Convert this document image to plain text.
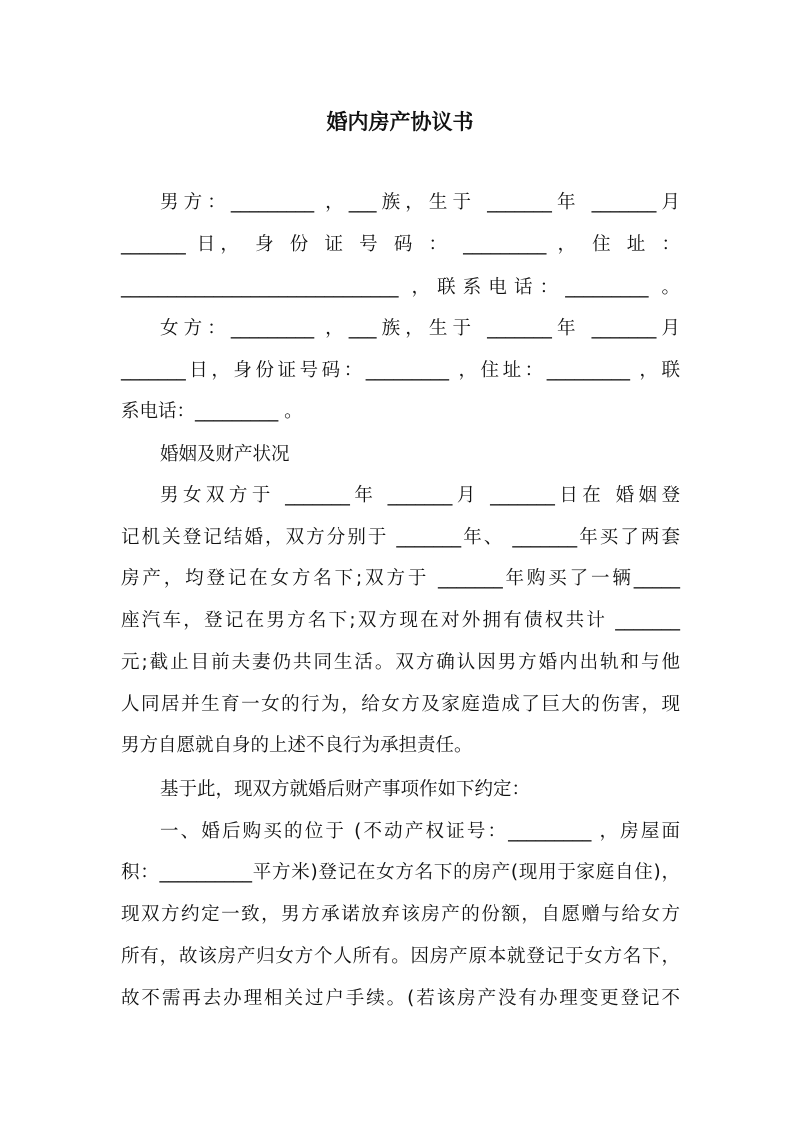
婚内房产协议书
男方：_________ ，___族，生于 _______年 _______月
_______ 日， 身 份 证 号 码 ： _________ ， 住 址 ：
______________________________ ，联系电话：_________ 。
女方：_________ ，___族，生于 _______年 _______月
_______日，身份证号码：_________ ，住址：_________ ，联
系电话：_________ 。
婚姻及财产状况
男女双方于 _______年 _______月 _______日在 婚姻登
记机关登记结婚，双方分别于 _______年、 _______年买了两套
房产，均登记在女方名下;双方于 _______年购买了一辆_____
座汽车，登记在男方名下;双方现在对外拥有债权共计 _______
元;截止目前夫妻仍共同生活。双方确认因男方婚内出轨和与他
人同居并生育一女的行为，给女方及家庭造成了巨大的伤害，现
男方自愿就自身的上述不良行为承担责任。
基于此，现双方就婚后财产事项作如下约定：
一、婚后购买的位于 (不动产权证号：_________ ，房屋面
积：__________平方米)登记在女方名下的房产(现用于家庭自住)，
现双方约定一致，男方承诺放弃该房产的份额，自愿赠与给女方
所有，故该房产归女方个人所有。因房产原本就登记于女方名下，
故不需再去办理相关过户手续。(若该房产没有办理变更登记不
